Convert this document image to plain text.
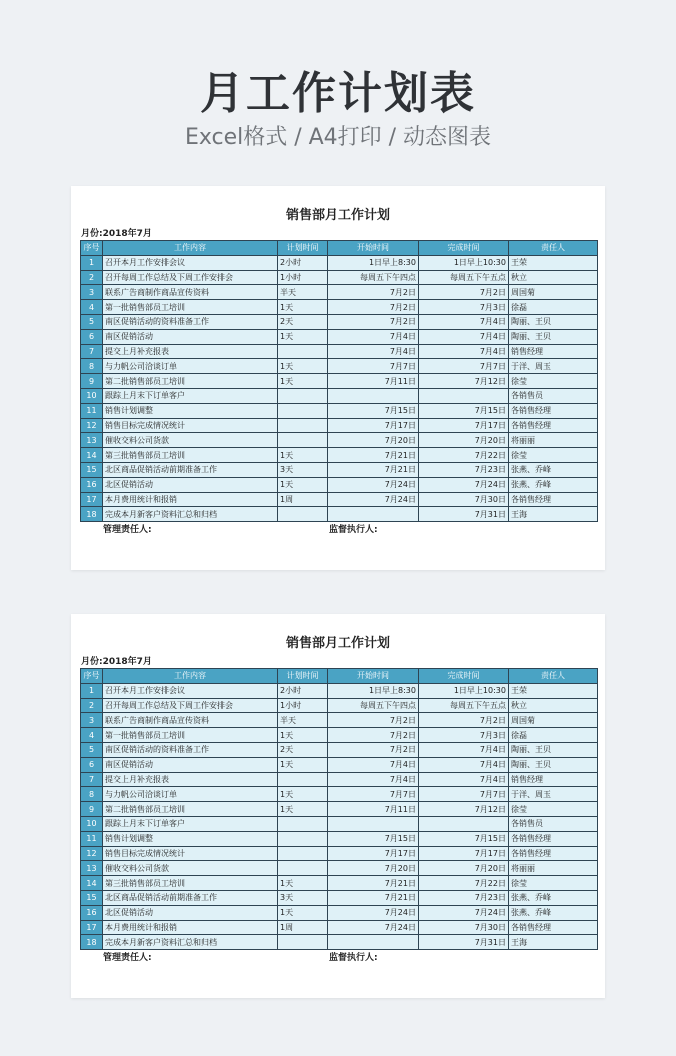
月工作计划表
Excel格式 / A4打印 / 动态图表
销售部月工作计划
月份:2018年7月
序号	工作内容	计划时间	开始时间	完成时间	责任人
1	召开本月工作安排会议	2小时	1日早上8:30	1日早上10:30	王荣
2	召开每周工作总结及下周工作安排会	1小时	每周五下午四点	每周五下午五点	秋立
3	联系广告商制作商品宣传资料	半天	7月2日	7月2日	周国菊
4	第一批销售部员工培训	1天	7月2日	7月3日	徐磊
5	南区促销活动的资料准备工作	2天	7月2日	7月4日	陶丽、王贝
6	南区促销活动	1天	7月4日	7月4日	陶丽、王贝
7	提交上月补充报表		7月4日	7月4日	销售经理
8	与力帆公司洽谈订单	1天	7月7日	7月7日	于洋、周玉
9	第二批销售部员工培训	1天	7月11日	7月12日	徐莹
10	跟踪上月末下订单客户				各销售员
11	销售计划调整		7月15日	7月15日	各销售经理
12	销售目标完成情况统计		7月17日	7月17日	各销售经理
13	催收交料公司货款		7月20日	7月20日	将丽丽
14	第三批销售部员工培训	1天	7月21日	7月22日	徐莹
15	北区商品促销活动前期准备工作	3天	7月21日	7月23日	张燕、乔峰
16	北区促销活动	1天	7月24日	7月24日	张燕、乔峰
17	本月费用统计和报销	1周	7月24日	7月30日	各销售经理
18	完成本月新客户资料汇总和归档			7月31日	王海
管理责任人:	监督执行人:
销售部月工作计划
月份:2018年7月
序号	工作内容	计划时间	开始时间	完成时间	责任人
1	召开本月工作安排会议	2小时	1日早上8:30	1日早上10:30	王荣
2	召开每周工作总结及下周工作安排会	1小时	每周五下午四点	每周五下午五点	秋立
3	联系广告商制作商品宣传资料	半天	7月2日	7月2日	周国菊
4	第一批销售部员工培训	1天	7月2日	7月3日	徐磊
5	南区促销活动的资料准备工作	2天	7月2日	7月4日	陶丽、王贝
6	南区促销活动	1天	7月4日	7月4日	陶丽、王贝
7	提交上月补充报表		7月4日	7月4日	销售经理
8	与力帆公司洽谈订单	1天	7月7日	7月7日	于洋、周玉
9	第二批销售部员工培训	1天	7月11日	7月12日	徐莹
10	跟踪上月末下订单客户				各销售员
11	销售计划调整		7月15日	7月15日	各销售经理
12	销售目标完成情况统计		7月17日	7月17日	各销售经理
13	催收交料公司货款		7月20日	7月20日	将丽丽
14	第三批销售部员工培训	1天	7月21日	7月22日	徐莹
15	北区商品促销活动前期准备工作	3天	7月21日	7月23日	张燕、乔峰
16	北区促销活动	1天	7月24日	7月24日	张燕、乔峰
17	本月费用统计和报销	1周	7月24日	7月30日	各销售经理
18	完成本月新客户资料汇总和归档			7月31日	王海
管理责任人:	监督执行人:
